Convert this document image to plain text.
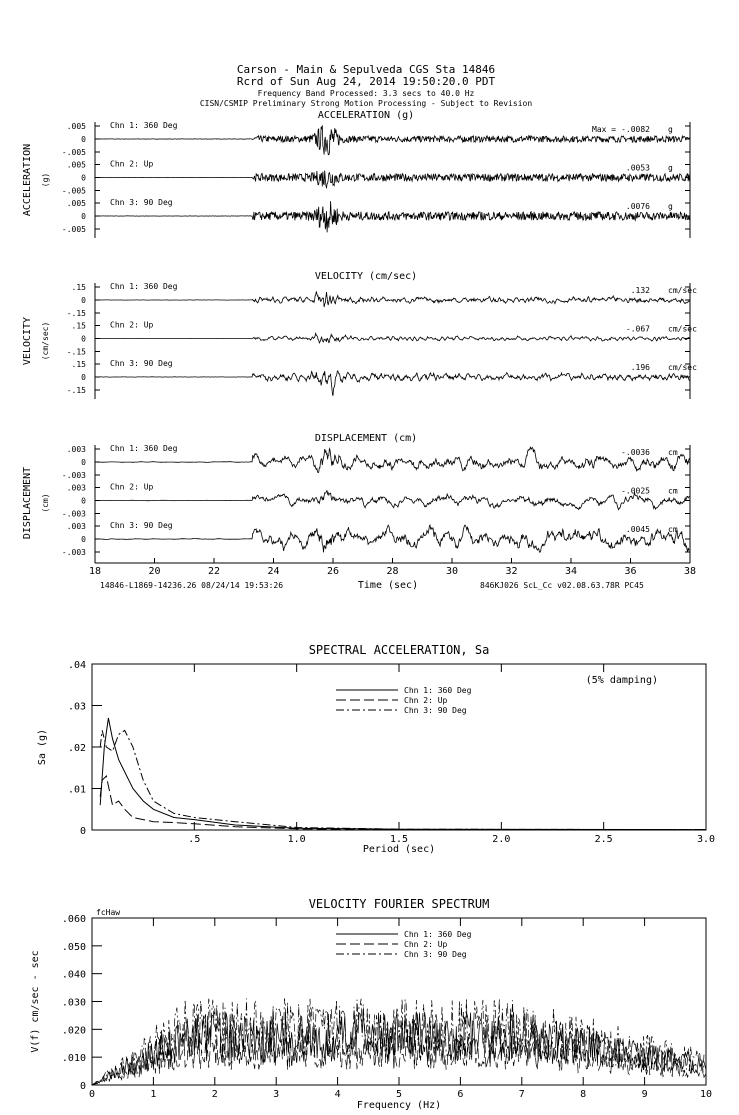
Carson - Main & Sepulveda CGS Sta 14846
Rcrd of Sun Aug 24, 2014 19:50:20.0 PDT
Frequency Band Processed: 3.3 secs to 40.0 Hz
CISN/CSMIP Preliminary Strong Motion Processing - Subject to Revision
ACCELERATION (g)
ACCELERATION (g)
.005
0
-.005
Chn 1: 360 Deg	Max = -.0082 g
.005
0
-.005
Chn 2: Up	.0053 g
.005
0
-.005
Chn 3: 90 Deg	.0076 g
VELOCITY (cm/sec)
VELOCITY (cm/sec)
.15
0
-.15
Chn 1: 360 Deg	.132 cm/sec
.15
0
-.15
Chn 2: Up	-.067 cm/sec
.15
0
-.15
Chn 3: 90 Deg	.196 cm/sec
DISPLACEMENT (cm)
DISPLACEMENT (cm)
.003
0
-.003
Chn 1: 360 Deg	-.0036 cm
.003
0
-.003
Chn 2: Up	-.0025 cm
.003
0
-.003
Chn 3: 90 Deg	.0045 cm
18	20	22	24	26	28	30	32	34	36	38
14846-L1869-14236.26 08/24/14 19:53:26	Time (sec)	846KJ026 ScL_Cc v02.08.63.78R PC45
SPECTRAL ACCELERATION, Sa
Period (sec)
Sa (g)
.04
.03
.02
.01
0
.5	1.0	1.5	2.0	2.5	3.0
Chn 1: 360 Deg
Chn 2: Up
Chn 3: 90 Deg
(5% damping)
VELOCITY FOURIER SPECTRUM
Frequency (Hz)
V(f) cm/sec - sec
.060
.050
.040
.030
.020
.010
0
0	1	2	3	4	5	6	7	8	9	10
Chn 1: 360 Deg
Chn 2: Up
Chn 3: 90 Deg
fcHaw
